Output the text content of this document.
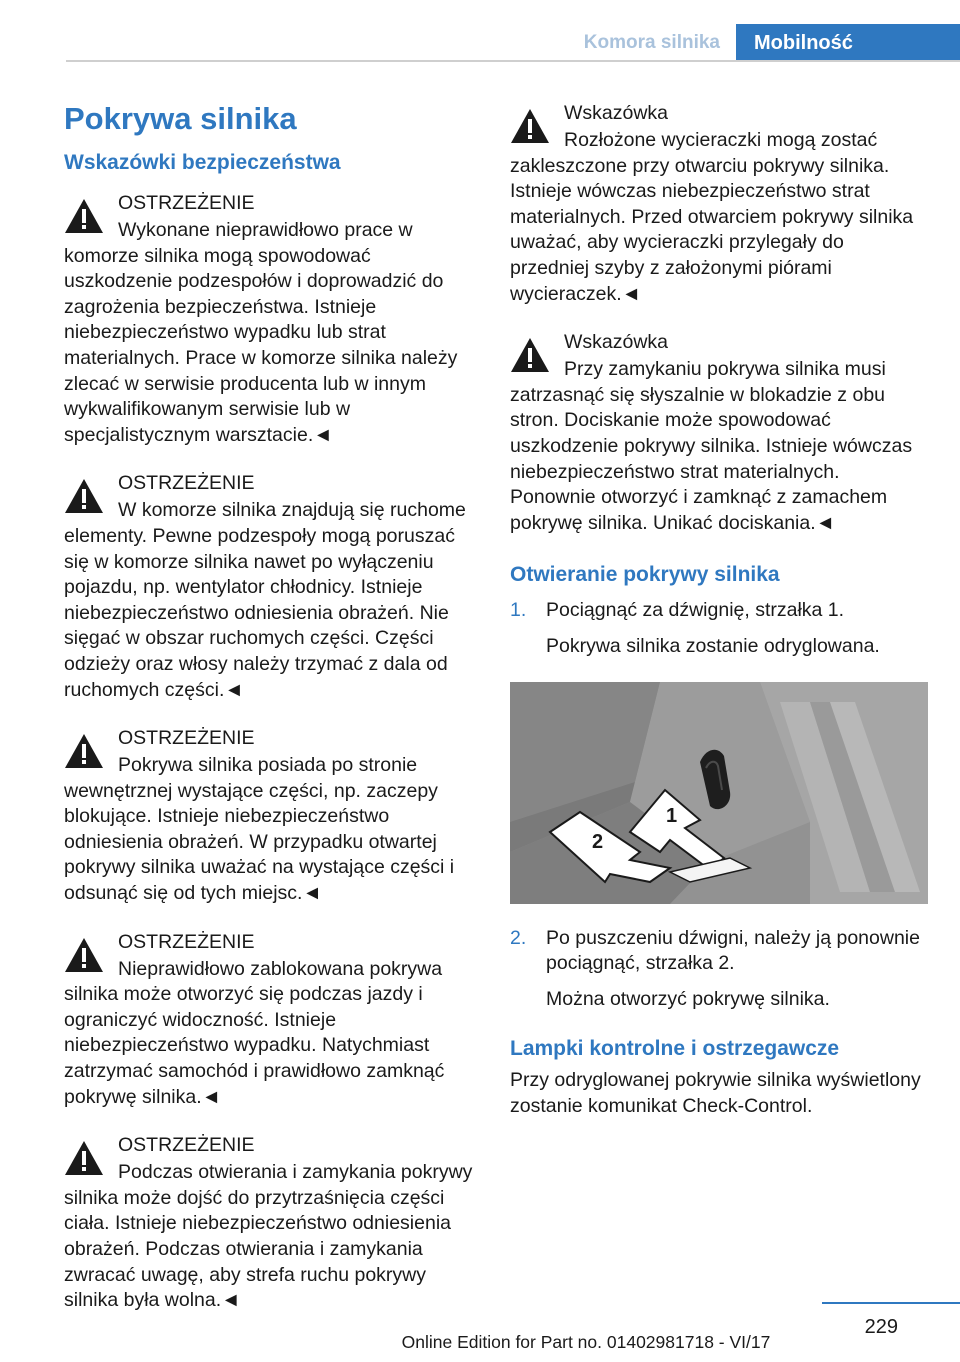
Komora silnika	Mobilność
Pokrywa silnika
Wskazówki bezpieczeństwa
OSTRZEŻENIE
Wykonane nieprawidłowo prace w komorze silnika mogą spowodować uszkodzenie podzespołów i doprowadzić do zagrożenia bezpieczeństwa. Istnieje niebezpieczeństwo wypadku lub strat materialnych. Prace w komorze silnika należy zlecać w serwisie producenta lub w innym wykwalifikowanym serwisie lub w specjalistycznym warsztacie.◄
OSTRZEŻENIE
W komorze silnika znajdują się ruchome elementy. Pewne podzespoły mogą poruszać się w komorze silnika nawet po wyłączeniu pojazdu, np. wentylator chłodnicy. Istnieje niebezpieczeństwo odniesienia obrażeń. Nie sięgać w obszar ruchomych części. Części odzieży oraz włosy należy trzymać z dala od ruchomych części.◄
OSTRZEŻENIE
Pokrywa silnika posiada po stronie wewnętrznej wystające części, np. zaczepy blokujące. Istnieje niebezpieczeństwo odniesienia obrażeń. W przypadku otwartej pokrywy silnika uważać na wystające części i odsunąć się od tych miejsc.◄
OSTRZEŻENIE
Nieprawidłowo zablokowana pokrywa silnika może otworzyć się podczas jazdy i ograniczyć widoczność. Istnieje niebezpieczeństwo wypadku. Natychmiast zatrzymać samochód i prawidłowo zamknąć pokrywę silnika.◄
OSTRZEŻENIE
Podczas otwierania i zamykania pokrywy silnika może dojść do przytrzaśnięcia części ciała. Istnieje niebezpieczeństwo odniesienia obrażeń. Podczas otwierania i zamykania zwracać uwagę, aby strefa ruchu pokrywy silnika była wolna.◄
Wskazówka
Rozłożone wycieraczki mogą zostać zakleszczone przy otwarciu pokrywy silnika. Istnieje wówczas niebezpieczeństwo strat materialnych. Przed otwarciem pokrywy silnika uważać, aby wycieraczki przylegały do przedniej szyby z założonymi piórami wycieraczek.◄
Wskazówka
Przy zamykaniu pokrywa silnika musi zatrzasnąć się słyszalnie w blokadzie z obu stron. Dociskanie może spowodować uszkodzenie pokrywy silnika. Istnieje wówczas niebezpieczeństwo strat materialnych. Ponownie otworzyć i zamknąć z zamachem pokrywę silnika. Unikać dociskania.◄
Otwieranie pokrywy silnika
1. Pociągnąć za dźwignię, strzałka 1.
Pokrywa silnika zostanie odryglowana.
1
2
2. Po puszczeniu dźwigni, należy ją ponownie pociągnąć, strzałka 2.
Można otworzyć pokrywę silnika.
Lampki kontrolne i ostrzegawcze
Przy odryglowanej pokrywie silnika wyświetlony zostanie komunikat Check-Control.
229
Online Edition for Part no. 01402981718 - VI/17
